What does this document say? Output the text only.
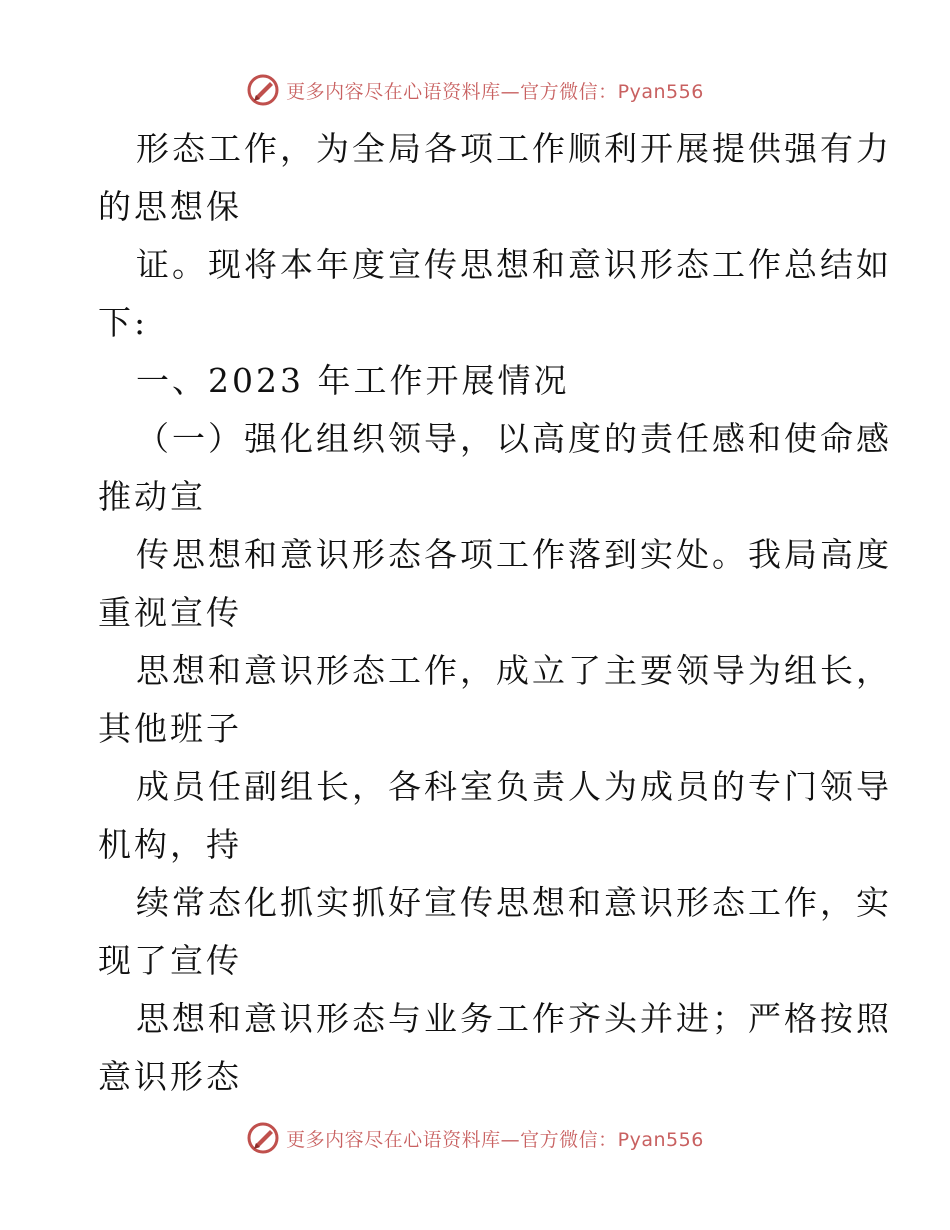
更多内容尽在心语资料库—官方微信：Pyan556
形态工作，为全局各项工作顺利开展提供强有力
的思想保
证。现将本年度宣传思想和意识形态工作总结如
下:
一、2023 年工作开展情况
（一）强化组织领导，以高度的责任感和使命感
推动宣
传思想和意识形态各项工作落到实处。我局高度
重视宣传
思想和意识形态工作，成立了主要领导为组长，
其他班子
成员任副组长，各科室负责人为成员的专门领导
机构，持
续常态化抓实抓好宣传思想和意识形态工作，实
现了宣传
思想和意识形态与业务工作齐头并进；严格按照
意识形态
更多内容尽在心语资料库—官方微信：Pyan556
